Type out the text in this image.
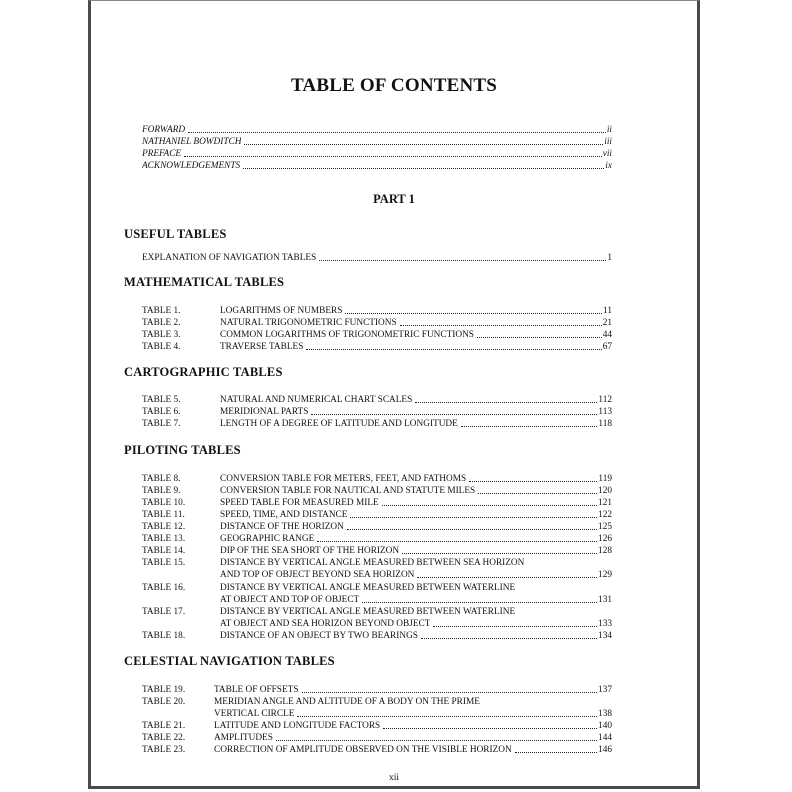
TABLE OF CONTENTS
FORWARD	ii
NATHANIEL BOWDITCH	iii
PREFACE	vii
ACKNOWLEDGEMENTS	ix
PART 1
USEFUL TABLES
EXPLANATION OF NAVIGATION TABLES	1
MATHEMATICAL TABLES
TABLE 1.	LOGARITHMS OF NUMBERS	11
TABLE 2.	NATURAL TRIGONOMETRIC FUNCTIONS	21
TABLE 3.	COMMON LOGARITHMS OF TRIGONOMETRIC FUNCTIONS	44
TABLE 4.	TRAVERSE TABLES	67
CARTOGRAPHIC TABLES
TABLE 5.	NATURAL AND NUMERICAL CHART SCALES	112
TABLE 6.	MERIDIONAL PARTS	113
TABLE 7.	LENGTH OF A DEGREE OF LATITUDE AND LONGITUDE	118
PILOTING TABLES
TABLE 8.	CONVERSION TABLE FOR METERS, FEET, AND FATHOMS	119
TABLE 9.	CONVERSION TABLE FOR NAUTICAL AND STATUTE MILES	120
TABLE 10.	SPEED TABLE FOR MEASURED MILE	121
TABLE 11.	SPEED, TIME, AND DISTANCE	122
TABLE 12.	DISTANCE OF THE HORIZON	125
TABLE 13.	GEOGRAPHIC RANGE	126
TABLE 14.	DIP OF THE SEA SHORT OF THE HORIZON	128
TABLE 15.	DISTANCE BY VERTICAL ANGLE MEASURED BETWEEN SEA HORIZON
AND TOP OF OBJECT BEYOND SEA HORIZON	129
TABLE 16.	DISTANCE BY VERTICAL ANGLE MEASURED BETWEEN WATERLINE
AT OBJECT AND TOP OF OBJECT	131
TABLE 17.	DISTANCE BY VERTICAL ANGLE MEASURED BETWEEN WATERLINE
AT OBJECT AND SEA HORIZON BEYOND OBJECT	133
TABLE 18.	DISTANCE OF AN OBJECT BY TWO BEARINGS	134
CELESTIAL NAVIGATION TABLES
TABLE 19.	TABLE OF OFFSETS	137
TABLE 20.	MERIDIAN ANGLE AND ALTITUDE OF A BODY ON THE PRIME
VERTICAL CIRCLE	138
TABLE 21.	LATITUDE AND LONGITUDE FACTORS	140
TABLE 22.	AMPLITUDES	144
TABLE 23.	CORRECTION OF AMPLITUDE OBSERVED ON THE VISIBLE HORIZON	146
xii
